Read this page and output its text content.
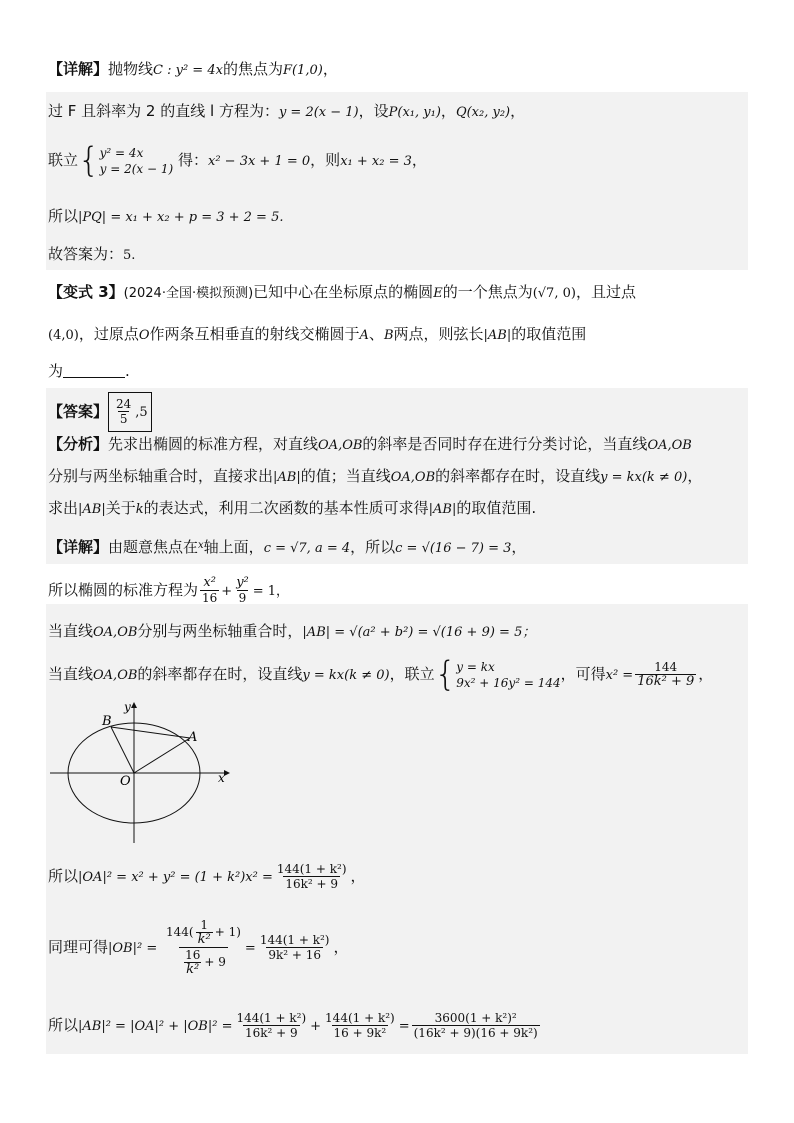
【详解】抛物线C : y² = 4x的焦点为F(1,0)，
过 F 且斜率为 2 的直线 l 方程为：y = 2(x − 1)，设P(x₁, y₁)，Q(x₂, y₂)，
联立{ y² = 4x
y = 2(x − 1) 得：x² − 3x + 1 = 0，则x₁ + x₂ = 3，
所以|PQ| = x₁ + x₂ + p = 3 + 2 = 5.
故答案为：5.
【变式 3】(2024·全国·模拟预测)已知中心在坐标原点的椭圆E的一个焦点为(√7, 0)，且过点
(4,0)，过原点O作两条互相垂直的射线交椭圆于A、B两点，则弦长|AB|的取值范围
为	.
【答案】 $\frac{24}{5} ,5$
【分析】先求出椭圆的标准方程，对直线OA,OB的斜率是否同时存在进行分类讨论，当直线OA,OB
分别与两坐标轴重合时，直接求出|AB|的值；当直线OA,OB的斜率都存在时，设直线y = kx(k ≠ 0)，
求出|AB|关于k的表达式，利用二次函数的基本性质可求得|AB|的取值范围.
【详解】由题意焦点在$^x$轴上面，c = √7, a = 4，所以c = √(16 − 7) = 3，
所以椭圆的标准方程为 $\frac{\text{x²}}{16} + \frac{\text{y²}}{9} = 1$，
当直线OA,OB分别与两坐标轴重合时，|AB| = √(a² + b²) = √(16 + 9) = 5；
当直线OA,OB的斜率都存在时，设直线y = kx(k ≠ 0)，联立{ y = kx
9x² + 16y² = 144 ，可得$x^2 = \frac{144}{\text{16k² + 9}}$ ，
B
A
O	x
y
所以$|OA|^2 = x^2 + y^2 = (1 + k^2)x^2 = \frac{\text{144(1 + k²)}}{\text{16k² + 9}}$ ，
同理可得$|OB|^2 = \frac{144( \frac{1}{\text{k²}} + 1)}{\frac{16}{\text{k²}} + 9} = \frac{\text{144(1 + k²)}}{\text{9k² + 16}}$ ，
所以$|AB|^2 = |OA|^2 + |OB|^2 = \frac{\text{144(1 + k²)}}{\text{16k² + 9}} + \frac{\text{144(1 + k²)}}{\text{16 + 9k²}} = \frac{\text{3600(1 + k²)²}}{\text{(16k² + 9)(16 + 9k²)}}$
